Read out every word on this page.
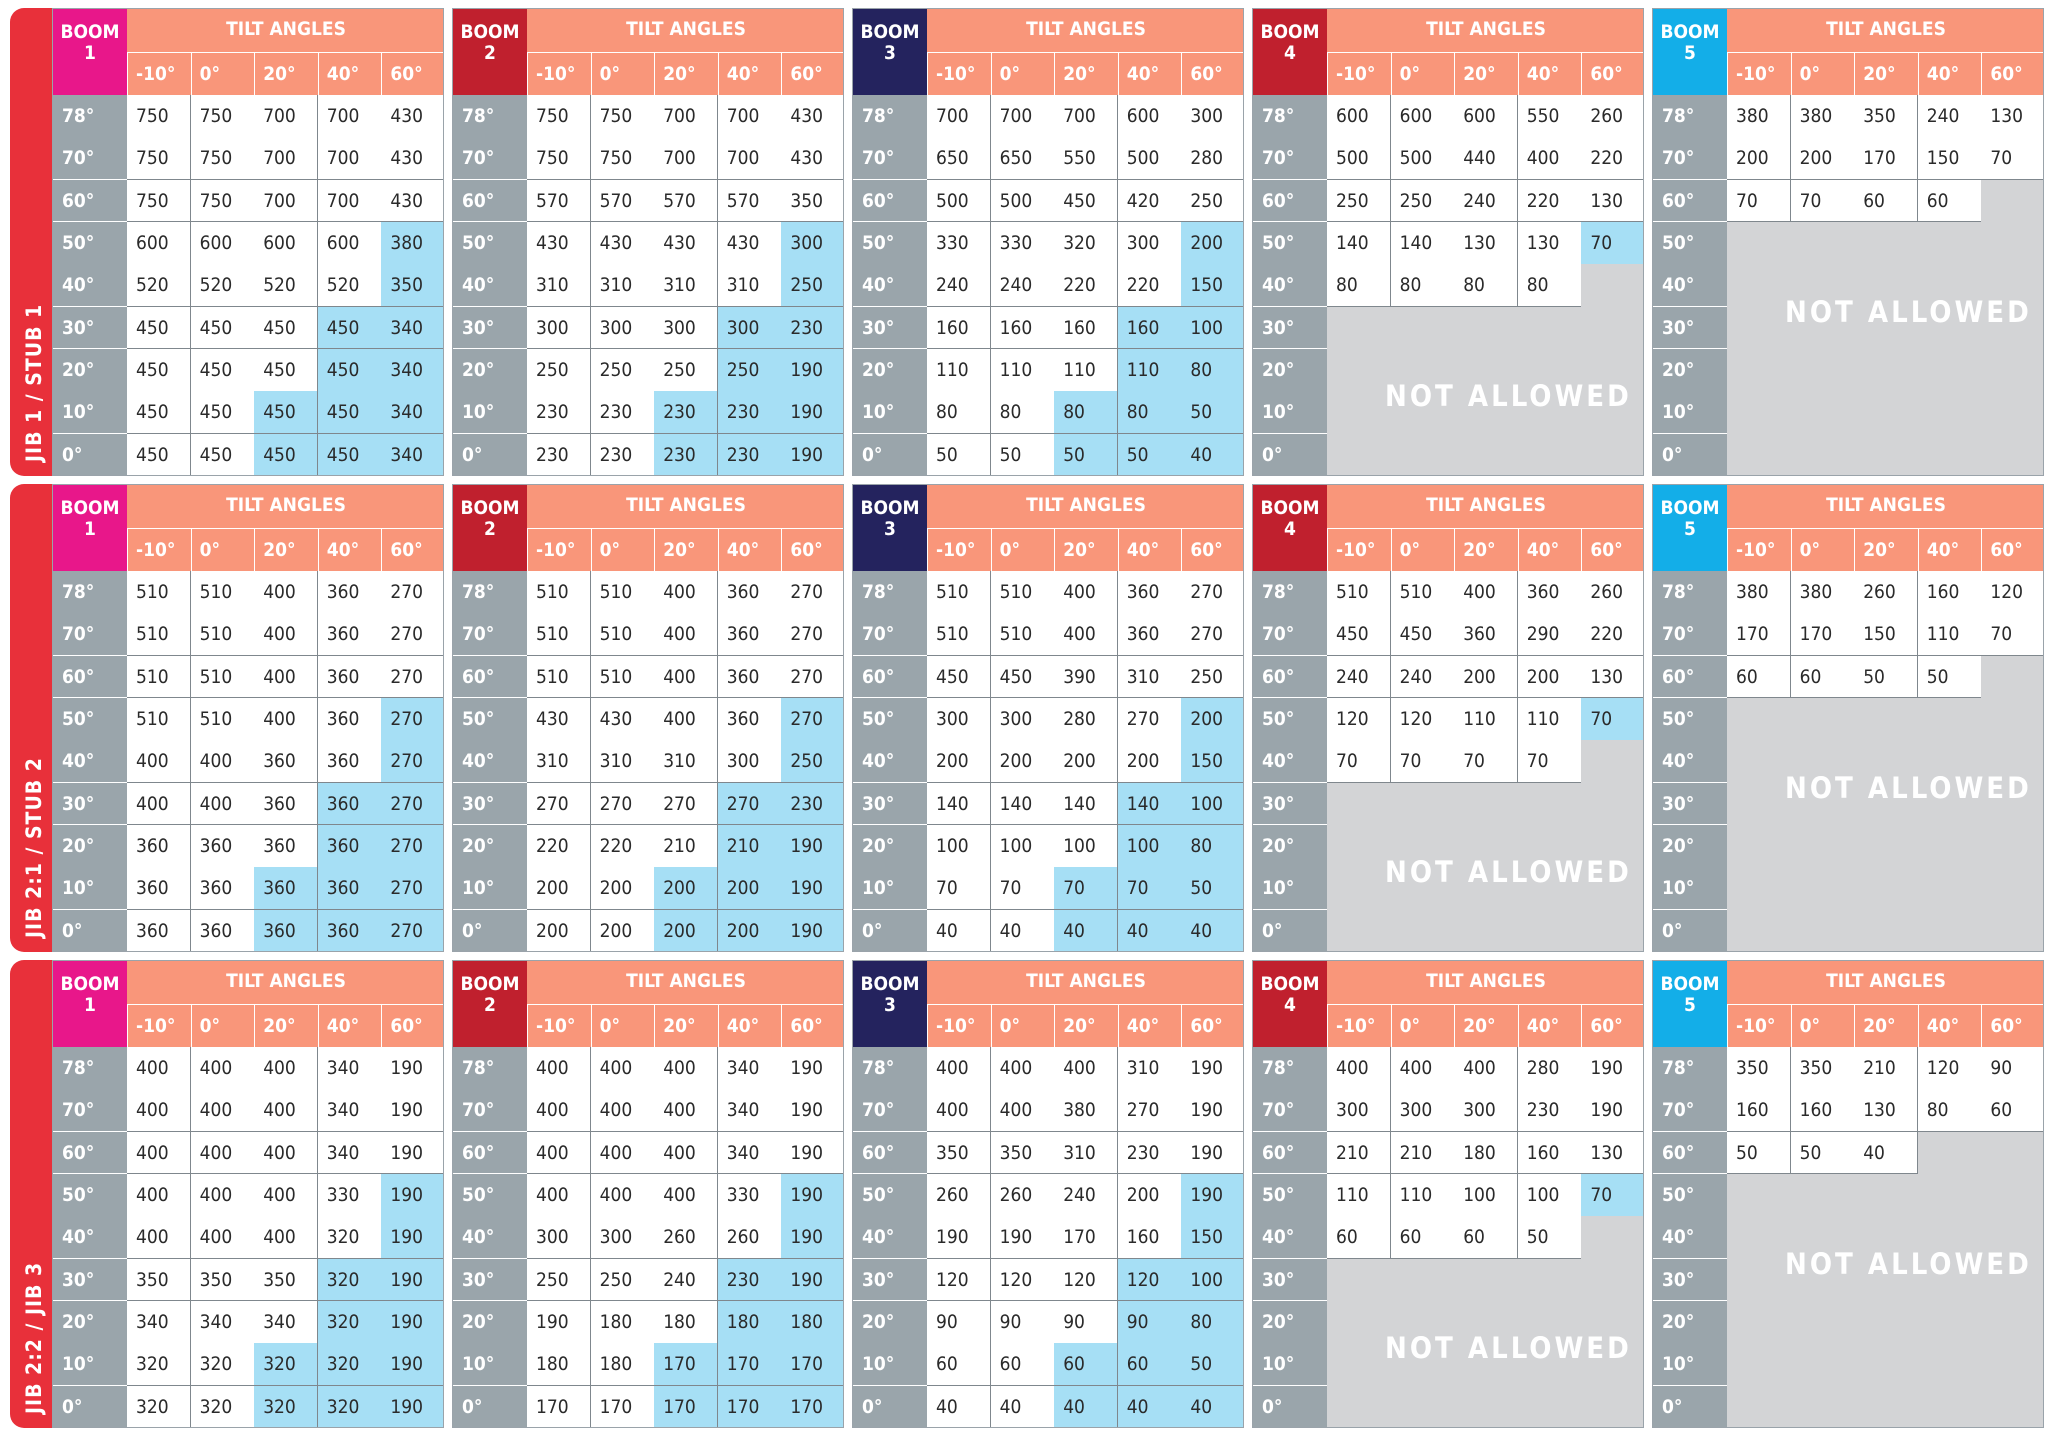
JIB 1 / STUB 1
BOOM
1
TILT ANGLES
-10°	0°	20°	40°	60°
78°	750	750	700	700	430
70°	750	750	700	700	430
60°	750	750	700	700	430
50°	600	600	600	600	380
40°	520	520	520	520	350
30°	450	450	450	450	340
20°	450	450	450	450	340
10°	450	450	450	450	340
0°	450	450	450	450	340
BOOM
2
TILT ANGLES
-10°	0°	20°	40°	60°
78°	750	750	700	700	430
70°	750	750	700	700	430
60°	570	570	570	570	350
50°	430	430	430	430	300
40°	310	310	310	310	250
30°	300	300	300	300	230
20°	250	250	250	250	190
10°	230	230	230	230	190
0°	230	230	230	230	190
BOOM
3
TILT ANGLES
-10°	0°	20°	40°	60°
78°	700	700	700	600	300
70°	650	650	550	500	280
60°	500	500	450	420	250
50°	330	330	320	300	200
40°	240	240	220	220	150
30°	160	160	160	160	100
20°	110	110	110	110	80
10°	80	80	80	80	50
0°	50	50	50	50	40
BOOM
4
TILT ANGLES
-10°	0°	20°	40°	60°
78°	600	600	600	550	260
70°	500	500	440	400	220
60°	250	250	240	220	130
50°	140	140	130	130	70
40°	80	80	80	80
30°
20°
10°
0°
NOT ALLOWED
BOOM
5
TILT ANGLES
-10°	0°	20°	40°	60°
78°	380	380	350	240	130
70°	200	200	170	150	70
60°	70	70	60	60
50°
40°
30°
20°
10°
0°
NOT ALLOWED
JIB 2:1 / STUB 2
BOOM
1
TILT ANGLES
-10°	0°	20°	40°	60°
78°	510	510	400	360	270
70°	510	510	400	360	270
60°	510	510	400	360	270
50°	510	510	400	360	270
40°	400	400	360	360	270
30°	400	400	360	360	270
20°	360	360	360	360	270
10°	360	360	360	360	270
0°	360	360	360	360	270
BOOM
2
TILT ANGLES
-10°	0°	20°	40°	60°
78°	510	510	400	360	270
70°	510	510	400	360	270
60°	510	510	400	360	270
50°	430	430	400	360	270
40°	310	310	310	300	250
30°	270	270	270	270	230
20°	220	220	210	210	190
10°	200	200	200	200	190
0°	200	200	200	200	190
BOOM
3
TILT ANGLES
-10°	0°	20°	40°	60°
78°	510	510	400	360	270
70°	510	510	400	360	270
60°	450	450	390	310	250
50°	300	300	280	270	200
40°	200	200	200	200	150
30°	140	140	140	140	100
20°	100	100	100	100	80
10°	70	70	70	70	50
0°	40	40	40	40	40
BOOM
4
TILT ANGLES
-10°	0°	20°	40°	60°
78°	510	510	400	360	260
70°	450	450	360	290	220
60°	240	240	200	200	130
50°	120	120	110	110	70
40°	70	70	70	70
30°
20°
10°
0°
NOT ALLOWED
BOOM
5
TILT ANGLES
-10°	0°	20°	40°	60°
78°	380	380	260	160	120
70°	170	170	150	110	70
60°	60	60	50	50
50°
40°
30°
20°
10°
0°
NOT ALLOWED
JIB 2:2 / JIB 3
BOOM
1
TILT ANGLES
-10°	0°	20°	40°	60°
78°	400	400	400	340	190
70°	400	400	400	340	190
60°	400	400	400	340	190
50°	400	400	400	330	190
40°	400	400	400	320	190
30°	350	350	350	320	190
20°	340	340	340	320	190
10°	320	320	320	320	190
0°	320	320	320	320	190
BOOM
2
TILT ANGLES
-10°	0°	20°	40°	60°
78°	400	400	400	340	190
70°	400	400	400	340	190
60°	400	400	400	340	190
50°	400	400	400	330	190
40°	300	300	260	260	190
30°	250	250	240	230	190
20°	190	180	180	180	180
10°	180	180	170	170	170
0°	170	170	170	170	170
BOOM
3
TILT ANGLES
-10°	0°	20°	40°	60°
78°	400	400	400	310	190
70°	400	400	380	270	190
60°	350	350	310	230	190
50°	260	260	240	200	190
40°	190	190	170	160	150
30°	120	120	120	120	100
20°	90	90	90	90	80
10°	60	60	60	60	50
0°	40	40	40	40	40
BOOM
4
TILT ANGLES
-10°	0°	20°	40°	60°
78°	400	400	400	280	190
70°	300	300	300	230	190
60°	210	210	180	160	130
50°	110	110	100	100	70
40°	60	60	60	50
30°
20°
10°
0°
NOT ALLOWED
BOOM
5
TILT ANGLES
-10°	0°	20°	40°	60°
78°	350	350	210	120	90
70°	160	160	130	80	60
60°	50	50	40
50°
40°
30°
20°
10°
0°
NOT ALLOWED
